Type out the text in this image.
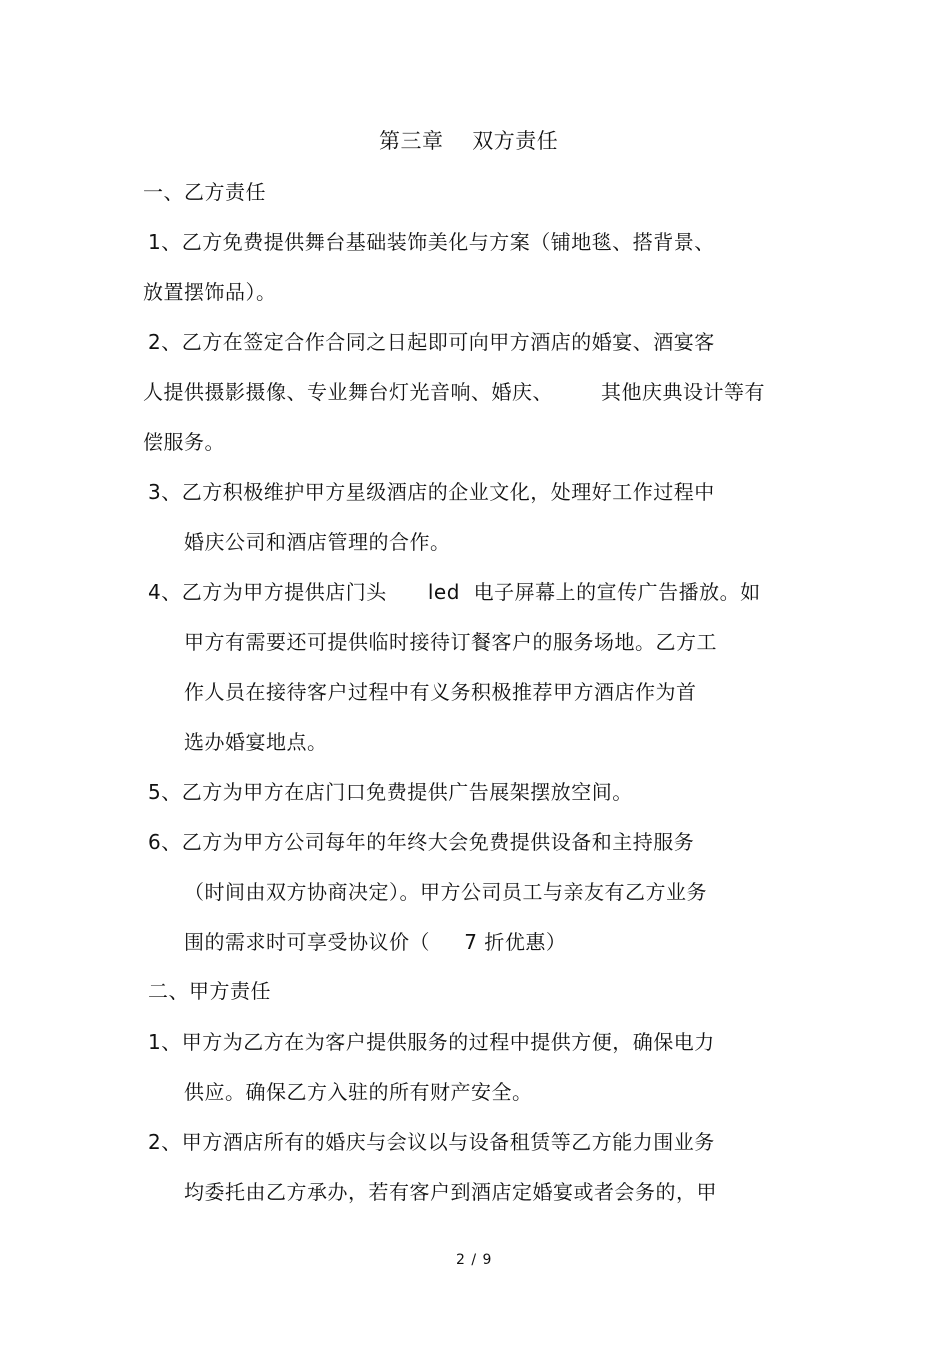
第三章    双方责任
一、乙方责任
1、乙方免费提供舞台基础装饰美化与方案（铺地毯、搭背景、
放置摆饰品）。
2、乙方在签定合作合同之日起即可向甲方酒店的婚宴、酒宴客
人提供摄影摄像、专业舞台灯光音响、婚庆、       其他庆典设计等有
偿服务。
3、乙方积极维护甲方星级酒店的企业文化，处理好工作过程中
婚庆公司和酒店管理的合作。
4、乙方为甲方提供店门头      led  电子屏幕上的宣传广告播放。如
甲方有需要还可提供临时接待订餐客户的服务场地。乙方工
作人员在接待客户过程中有义务积极推荐甲方酒店作为首
选办婚宴地点。
5、乙方为甲方在店门口免费提供广告展架摆放空间。
6、乙方为甲方公司每年的年终大会免费提供设备和主持服务
（时间由双方协商决定）。甲方公司员工与亲友有乙方业务
围的需求时可享受协议价（     7 折优惠）
二、甲方责任
1、甲方为乙方在为客户提供服务的过程中提供方便，确保电力
供应。确保乙方入驻的所有财产安全。
2、甲方酒店所有的婚庆与会议以与设备租赁等乙方能力围业务
均委托由乙方承办，若有客户到酒店定婚宴或者会务的，甲
2 / 9
